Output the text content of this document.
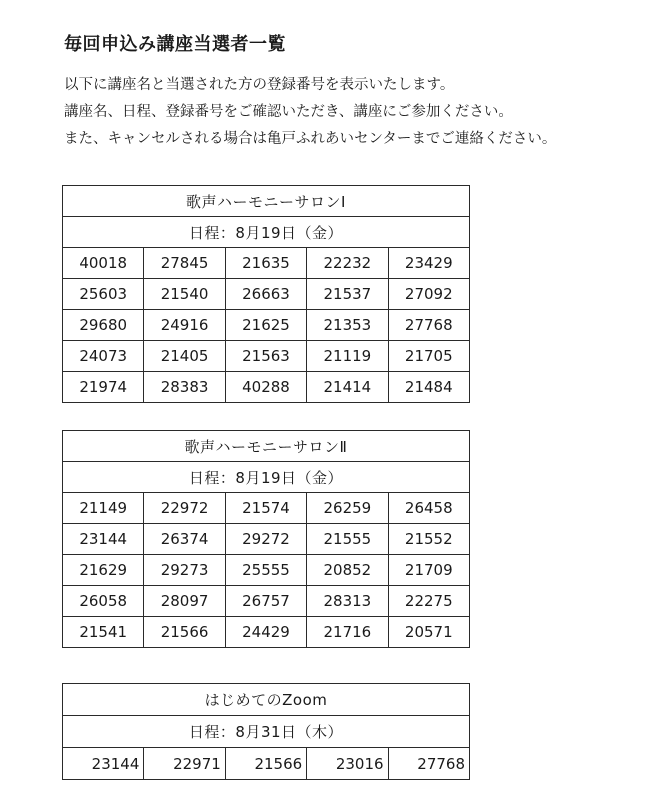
毎回申込み講座当選者一覧
以下に講座名と当選された方の登録番号を表示いたします。
講座名、日程、登録番号をご確認いただき、講座にご参加ください。
また、キャンセルされる場合は亀戸ふれあいセンターまでご連絡ください。
歌声ハーモニーサロンⅠ				
日程：8月19日（金）				
40018	27845	21635	22232	23429
25603	21540	26663	21537	27092
29680	24916	21625	21353	27768
24073	21405	21563	21119	21705
21974	28383	40288	21414	21484
歌声ハーモニーサロンⅡ				
日程：8月19日（金）				
21149	22972	21574	26259	26458
23144	26374	29272	21555	21552
21629	29273	25555	20852	21709
26058	28097	26757	28313	22275
21541	21566	24429	21716	20571
はじめてのZoom
日程：8月31日（木）
23144	22971	21566	23016	27768
